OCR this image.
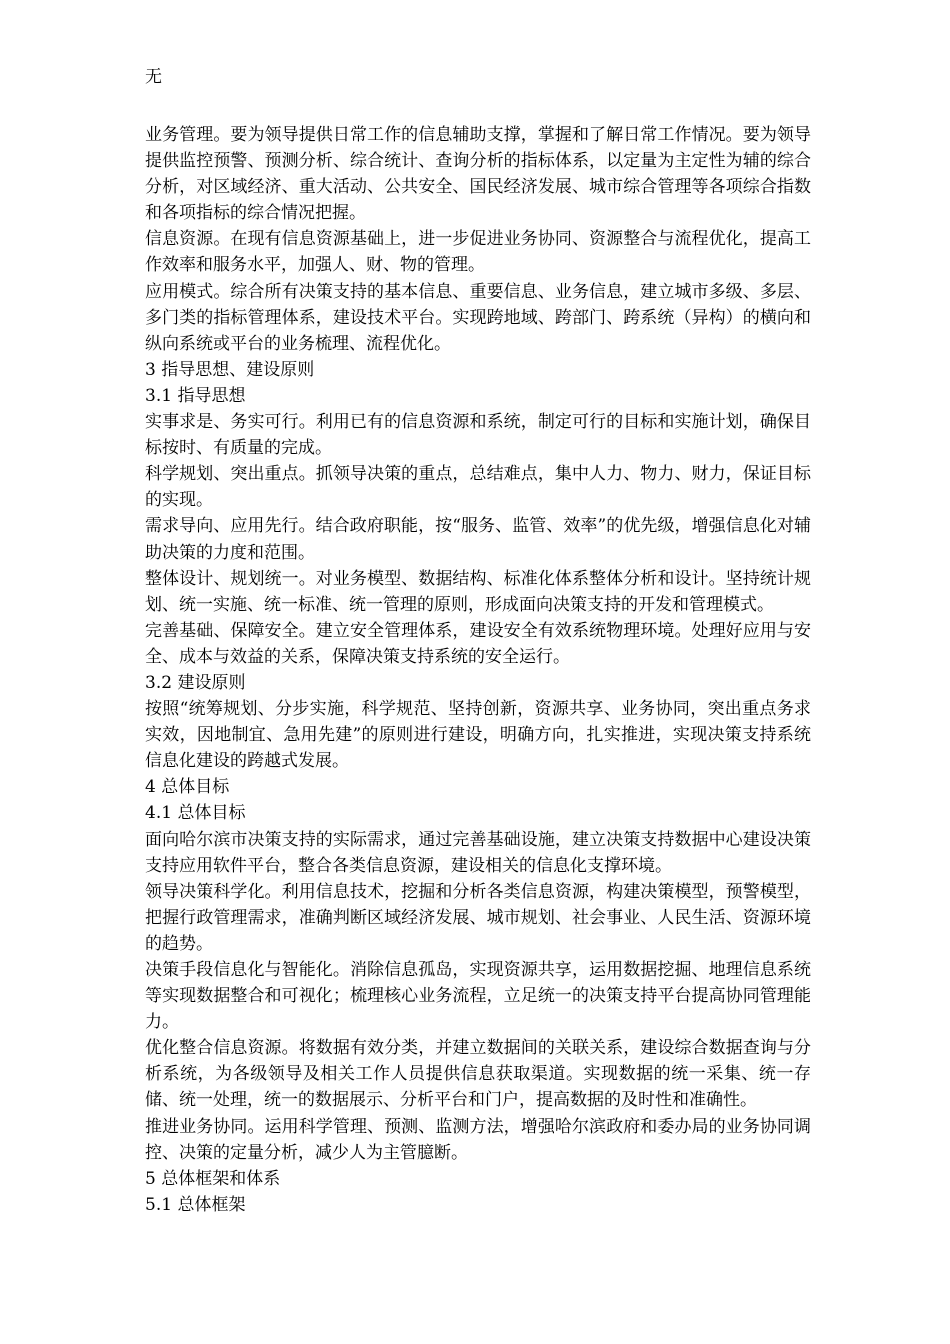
无

业务管理。要为领导提供日常工作的信息辅助支撑，掌握和了解日常工作情况。要为领导提供监控预警、预测分析、综合统计、查询分析的指标体系，以定量为主定性为辅的综合分析，对区域经济、重大活动、公共安全、国民经济发展、城市综合管理等各项综合指数和各项指标的综合情况把握。

信息资源。在现有信息资源基础上，进一步促进业务协同、资源整合与流程优化，提高工作效率和服务水平，加强人、财、物的管理。

应用模式。综合所有决策支持的基本信息、重要信息、业务信息，建立城市多级、多层、多门类的指标管理体系，建设技术平台。实现跨地域、跨部门、跨系统（异构）的横向和纵向系统或平台的业务梳理、流程优化。

3 指导思想、建设原则

3.1 指导思想

实事求是、务实可行。利用已有的信息资源和系统，制定可行的目标和实施计划，确保目标按时、有质量的完成。

科学规划、突出重点。抓领导决策的重点，总结难点，集中人力、物力、财力，保证目标的实现。

需求导向、应用先行。结合政府职能，按“服务、监管、效率”的优先级，增强信息化对辅助决策的力度和范围。

整体设计、规划统一。对业务模型、数据结构、标准化体系整体分析和设计。坚持统计规划、统一实施、统一标准、统一管理的原则，形成面向决策支持的开发和管理模式。

完善基础、保障安全。建立安全管理体系，建设安全有效系统物理环境。处理好应用与安全、成本与效益的关系，保障决策支持系统的安全运行。

3.2 建设原则

按照“统筹规划、分步实施，科学规范、坚持创新，资源共享、业务协同，突出重点务求实效，因地制宜、急用先建”的原则进行建设，明确方向，扎实推进，实现决策支持系统信息化建设的跨越式发展。

4 总体目标

4.1 总体目标

面向哈尔滨市决策支持的实际需求，通过完善基础设施，建立决策支持数据中心建设决策支持应用软件平台，整合各类信息资源，建设相关的信息化支撑环境。

领导决策科学化。利用信息技术，挖掘和分析各类信息资源，构建决策模型，预警模型，把握行政管理需求，准确判断区域经济发展、城市规划、社会事业、人民生活、资源环境的趋势。

决策手段信息化与智能化。消除信息孤岛，实现资源共享，运用数据挖掘、地理信息系统等实现数据整合和可视化；梳理核心业务流程，立足统一的决策支持平台提高协同管理能力。

优化整合信息资源。将数据有效分类，并建立数据间的关联关系，建设综合数据查询与分析系统，为各级领导及相关工作人员提供信息获取渠道。实现数据的统一采集、统一存储、统一处理，统一的数据展示、分析平台和门户，提高数据的及时性和准确性。

推进业务协同。运用科学管理、预测、监测方法，增强哈尔滨政府和委办局的业务协同调控、决策的定量分析，减少人为主管臆断。

5 总体框架和体系

5.1 总体框架
